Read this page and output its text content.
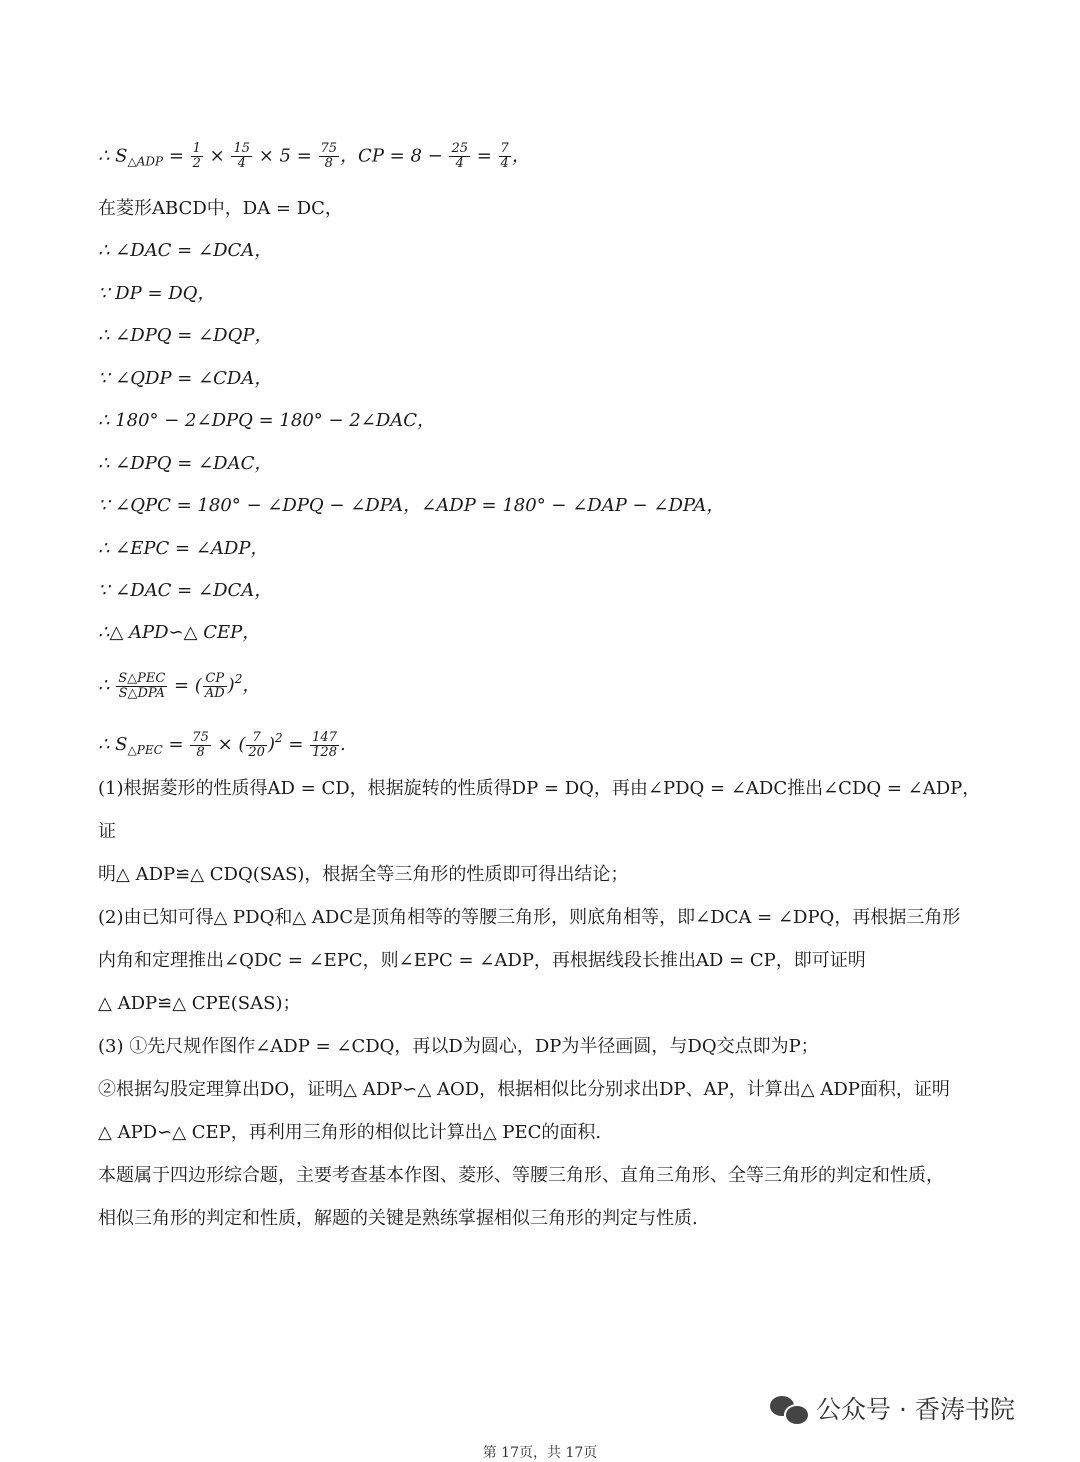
∴ $S_{\triangle ADP} = \frac{1}{2} \times \frac{15}{4} \times 5 = \frac{75}{8}$ ，CP = $8 - \frac{25}{4} = \frac{7}{4}$ ，
在菱形ABCD中，DA = DC，
∴ ∠DAC = ∠DCA，
∵ DP = DQ，
∴ ∠DPQ = ∠DQP，
∵ ∠QDP = ∠CDA，
∴ 180° − 2∠DPQ = 180° − 2∠DAC，
∴ ∠DPQ = ∠DAC，
∵ ∠QPC = 180° − ∠DPQ − ∠DPA，∠ADP = 180° − ∠DAP − ∠DPA，
∴ ∠EPC = ∠ADP，
∵ ∠DAC = ∠DCA，
∴△ APD∽△ CEP，
∴ $\frac{\text{S△PEC}}{\text{S△DPA}}$ = ( $\frac{CP}{AD} )^2$，
∴ $S_{\triangle PEC} = \frac{75}{8}$ × ( $\frac{7}{20} )^2 = \frac{147}{128}$ .
(1)根据菱形的性质得AD = CD，根据旋转的性质得DP = DQ，再由∠PDQ = ∠ADC推出∠CDQ = ∠ADP，证
明△ ADP≌△ CDQ(SAS)，根据全等三角形的性质即可得出结论；
(2)由已知可得△ PDQ和△ ADC是顶角相等的等腰三角形，则底角相等，即∠DCA = ∠DPQ，再根据三角形
内角和定理推出∠QDC = ∠EPC，则∠EPC = ∠ADP，再根据线段长推出AD = CP，即可证明
△ ADP≌△ CPE(SAS)；
(3) ①先尺规作图作∠ADP = ∠CDQ，再以D为圆心，DP为半径画圆，与DQ交点即为P；
②根据勾股定理算出DO，证明△ ADP∽△ AOD，根据相似比分别求出DP、AP，计算出△ ADP面积，证明
△ APD∽△ CEP，再利用三角形的相似比计算出△ PEC的面积.
本题属于四边形综合题，主要考查基本作图、菱形、等腰三角形、直角三角形、全等三角形的判定和性质，
相似三角形的判定和性质，解题的关键是熟练掌握相似三角形的判定与性质.
公众号 · 香涛书院
第 17页，共 17页
